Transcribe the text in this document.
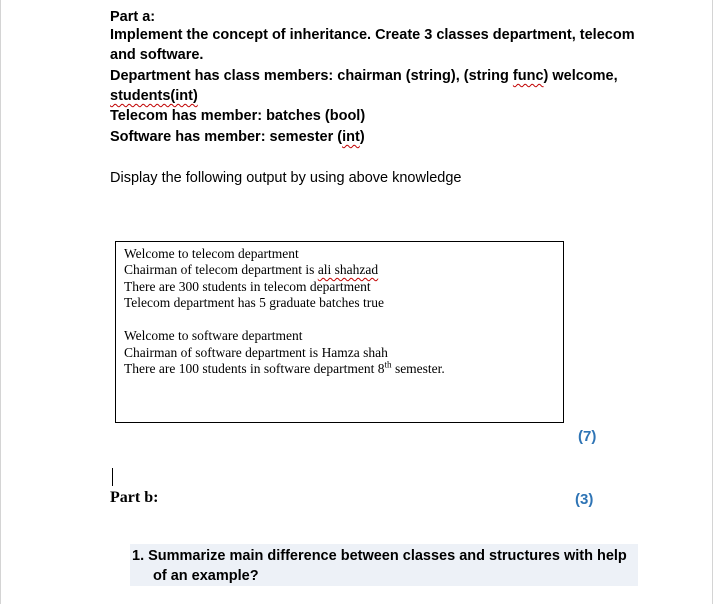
Part a:

Implement the concept of inheritance. Create 3 classes department, telecom

and software.

Department has class members: chairman (string), (string func) welcome,

students(int)

Telecom has member: batches (bool)

Software has member: semester (int)

Display the following output by using above knowledge

Welcome to telecom department

Chairman of telecom department is ali shahzad

There are 300 students in telecom department

Telecom department has 5 graduate batches true

Welcome to software department

Chairman of software department is Hamza shah

There are 100 students in software department 8th semester.

(7)

Part b:	(3)

1. Summarize main difference between classes and structures with help

of an example?
